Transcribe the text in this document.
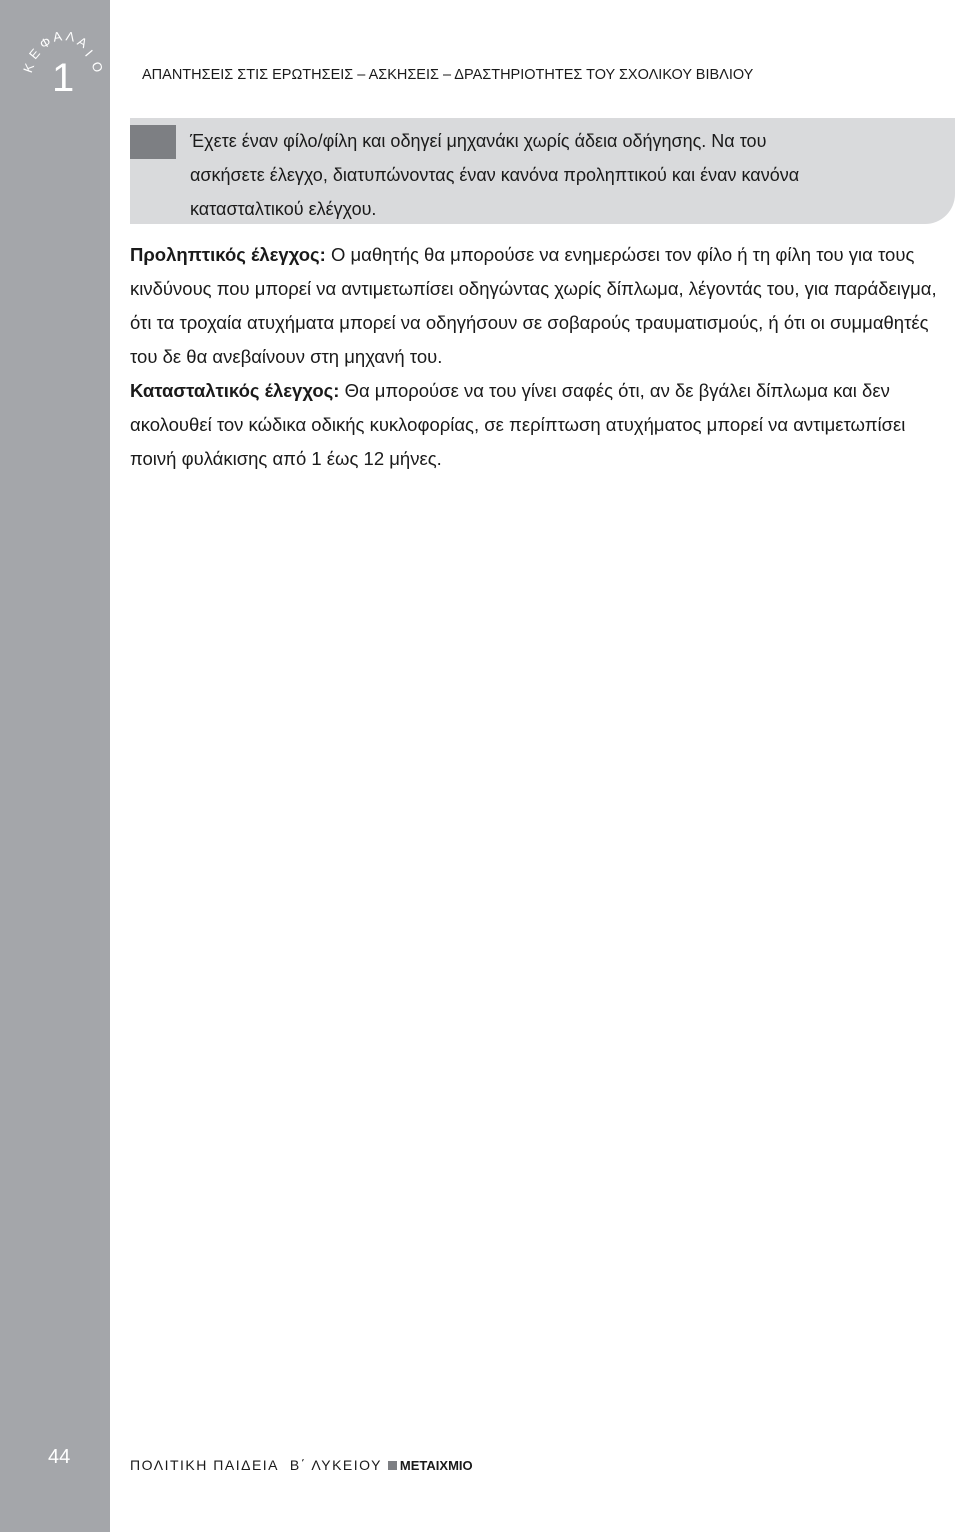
Κ
Ε
Φ
Α Λ
Α
Ι
Ο
1
44
ΑΠΑΝΤΗΣΕΙΣ ΣΤΙΣ ΕΡΩΤΗΣΕΙΣ – ΑΣΚΗΣΕΙΣ – ΔΡΑΣΤΗΡΙΟΤΗΤΕΣ ΤΟΥ ΣΧΟΛΙΚΟΥ ΒΙΒΛΙΟΥ
Έχετε έναν φίλο/φίλη και οδηγεί μηχανάκι χωρίς άδεια οδήγησης. Να του
ασκήσετε έλεγχο, διατυπώνοντας έναν κανόνα προληπτικού και έναν κανόνα
κατασταλτικού ελέγχου.

Προληπτικός έλεγχος: Ο μαθητής θα μπορούσε να ενημερώσει τον φίλο ή τη φίλη του για τους κινδύνους που μπορεί να αντιμετωπίσει οδηγώντας χωρίς δίπλωμα, λέγοντάς του, για παράδειγμα, ότι τα τροχαία ατυχήματα μπορεί να οδηγήσουν σε σοβαρούς τραυματισμούς, ή ότι οι συμμαθητές του δε θα ανεβαίνουν στη μηχανή του.

Κατασταλτικός έλεγχος: Θα μπορούσε να του γίνει σαφές ότι, αν δε βγάλει δίπλωμα και δεν ακολουθεί τον κώδικα οδικής κυκλοφορίας, σε περίπτωση ατυχήματος μπορεί να αντιμετωπίσει ποινή φυλάκισης από 1 έως 12 μήνες.

ΠΟΛΙΤΙΚΗ ΠΑΙΔΕΙΑ Β΄ ΛΥΚΕΙΟΥ ΜΕΤΑΙΧΜΙΟ
